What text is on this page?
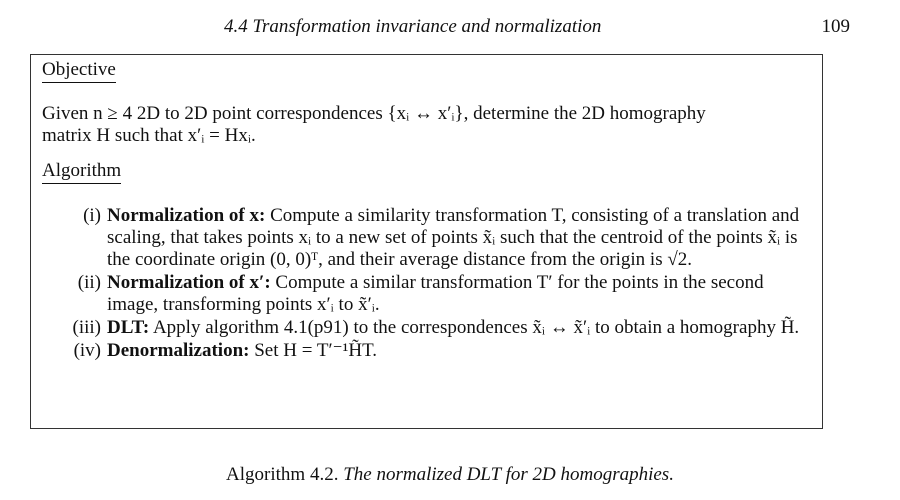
4.4 Transformation invariance and normalization	109
Objective
Given n ≥ 4 2D to 2D point correspondences {xᵢ ↔ x′ᵢ}, determine the 2D homography
matrix H such that x′ᵢ = Hxᵢ.
Algorithm
(i) Normalization of x: Compute a similarity transformation T, consisting of a translation and scaling, that takes points xᵢ to a new set of points x̃ᵢ such that the centroid of the points x̃ᵢ is the coordinate origin (0, 0)ᵀ, and their average distance from the origin is √2.
(ii) Normalization of x′: Compute a similar transformation T′ for the points in the second image, transforming points x′ᵢ to x̃′ᵢ.
(iii) DLT: Apply algorithm 4.1(p91) to the correspondences x̃ᵢ ↔ x̃′ᵢ to obtain a homography H̃.
(iv) Denormalization: Set H = T′⁻¹H̃T.
Algorithm 4.2. The normalized DLT for 2D homographies.
